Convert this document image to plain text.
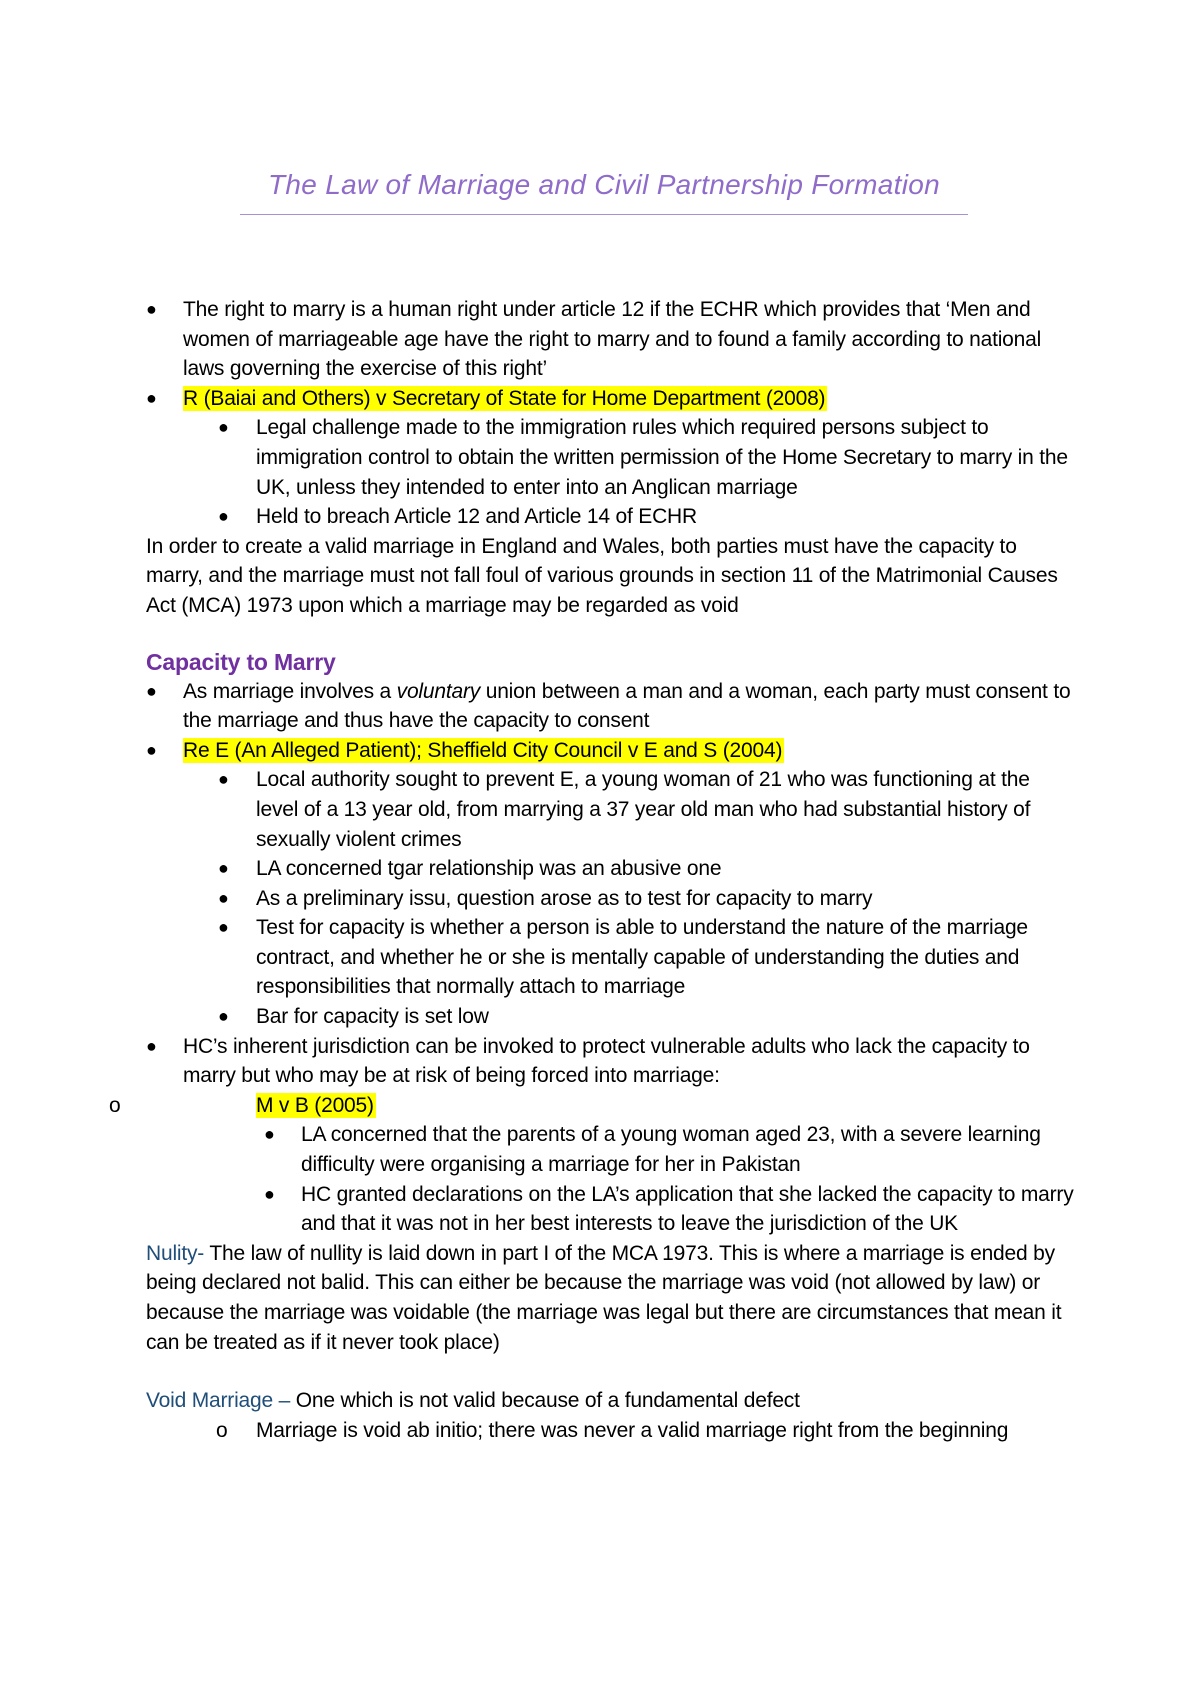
The Law of Marriage and Civil Partnership Formation
● The right to marry is a human right under article 12 if the ECHR which provides that ‘Men and women of marriageable age have the right to marry and to found a family according to national laws governing the exercise of this right’
● R (Baiai and Others) v Secretary of State for Home Department (2008)
● Legal challenge made to the immigration rules which required persons subject to immigration control to obtain the written permission of the Home Secretary to marry in the UK, unless they intended to enter into an Anglican marriage
● Held to breach Article 12 and Article 14 of ECHR
In order to create a valid marriage in England and Wales, both parties must have the capacity to marry, and the marriage must not fall foul of various grounds in section 11 of the Matrimonial Causes Act (MCA) 1973 upon which a marriage may be regarded as void
Capacity to Marry
● As marriage involves a voluntary union between a man and a woman, each party must consent to the marriage and thus have the capacity to consent
● Re E (An Alleged Patient); Sheffield City Council v E and S (2004)
● Local authority sought to prevent E, a young woman of 21 who was functioning at the level of a 13 year old, from marrying a 37 year old man who had substantial history of sexually violent crimes
● LA concerned tgar relationship was an abusive one
● As a preliminary issu, question arose as to test for capacity to marry
● Test for capacity is whether a person is able to understand the nature of the marriage contract, and whether he or she is mentally capable of understanding the duties and responsibilities that normally attach to marriage
● Bar for capacity is set low
● HC’s inherent jurisdiction can be invoked to protect vulnerable adults who lack the capacity to marry but who may be at risk of being forced into marriage:
o	M v B (2005)
● LA concerned that the parents of a young woman aged 23, with a severe learning difficulty were organising a marriage for her in Pakistan
● HC granted declarations on the LA’s application that she lacked the capacity to marry and that it was not in her best interests to leave the jurisdiction of the UK
Nulity- The law of nullity is laid down in part I of the MCA 1973. This is where a marriage is ended by being declared not balid. This can either be because the marriage was void (not allowed by law) or because the marriage was voidable (the marriage was legal but there are circumstances that mean it can be treated as if it never took place)
Void Marriage – One which is not valid because of a fundamental defect
o Marriage is void ab initio; there was never a valid marriage right from the beginning
